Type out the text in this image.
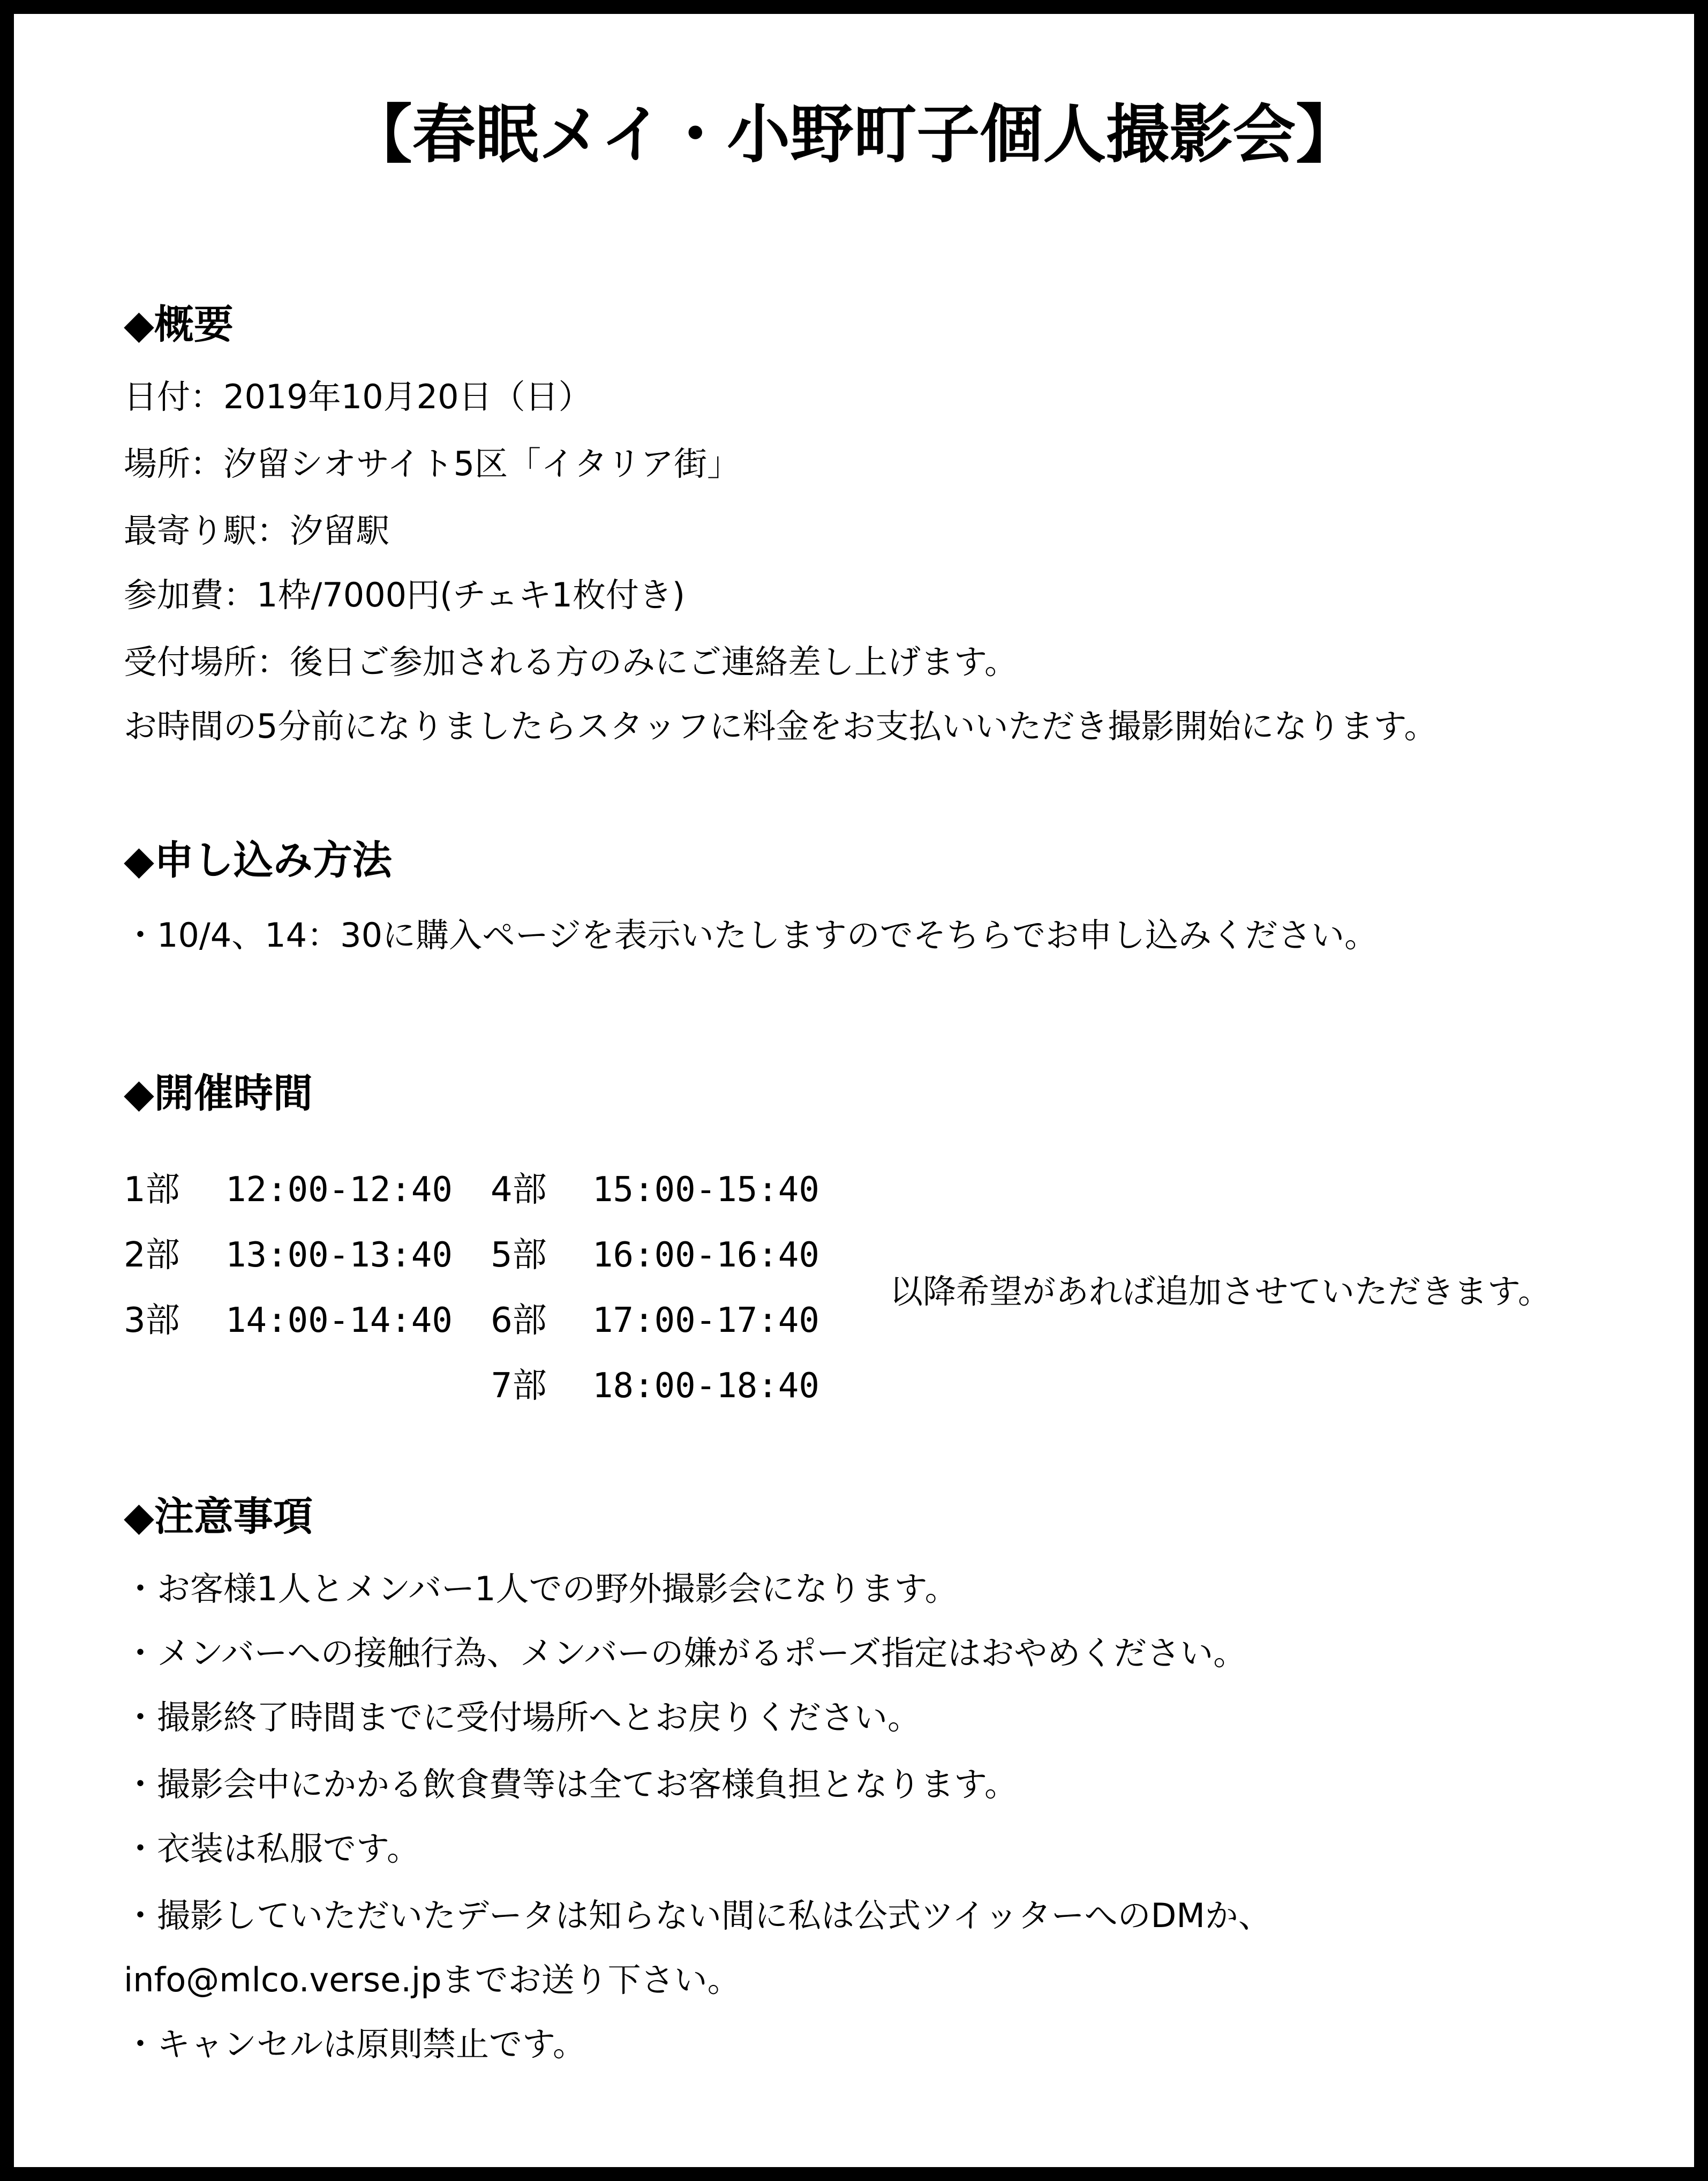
【春眠メイ・小野町子個人撮影会】
◆概要
日付：2019年10月20日（日）
場所：汐留シオサイト5区「イタリア街」
最寄り駅：汐留駅
参加費：1枠/7000円(チェキ1枚付き)
受付場所：後日ご参加される方のみにご連絡差し上げます。
お時間の5分前になりましたらスタッフに料金をお支払いいただき撮影開始になります。
◆申し込み方法
・10/4、14：30に購入ページを表示いたしますのでそちらでお申し込みください。
◆開催時間
1部 12:00-12:40
2部 13:00-13:40
3部 14:00-14:40
4部 15:00-15:40
5部 16:00-16:40
6部 17:00-17:40
7部 18:00-18:40
以降希望があれば追加させていただきます。
◆注意事項
・お客様1人とメンバー1人での野外撮影会になります。
・メンバーへの接触行為、メンバーの嫌がるポーズ指定はおやめください。
・撮影終了時間までに受付場所へとお戻りください。
・撮影会中にかかる飲食費等は全てお客様負担となります。
・衣装は私服です。
・撮影していただいたデータは知らない間に私は公式ツイッターへのDMか、
info@mlco.verse.jpまでお送り下さい。
・キャンセルは原則禁止です。
